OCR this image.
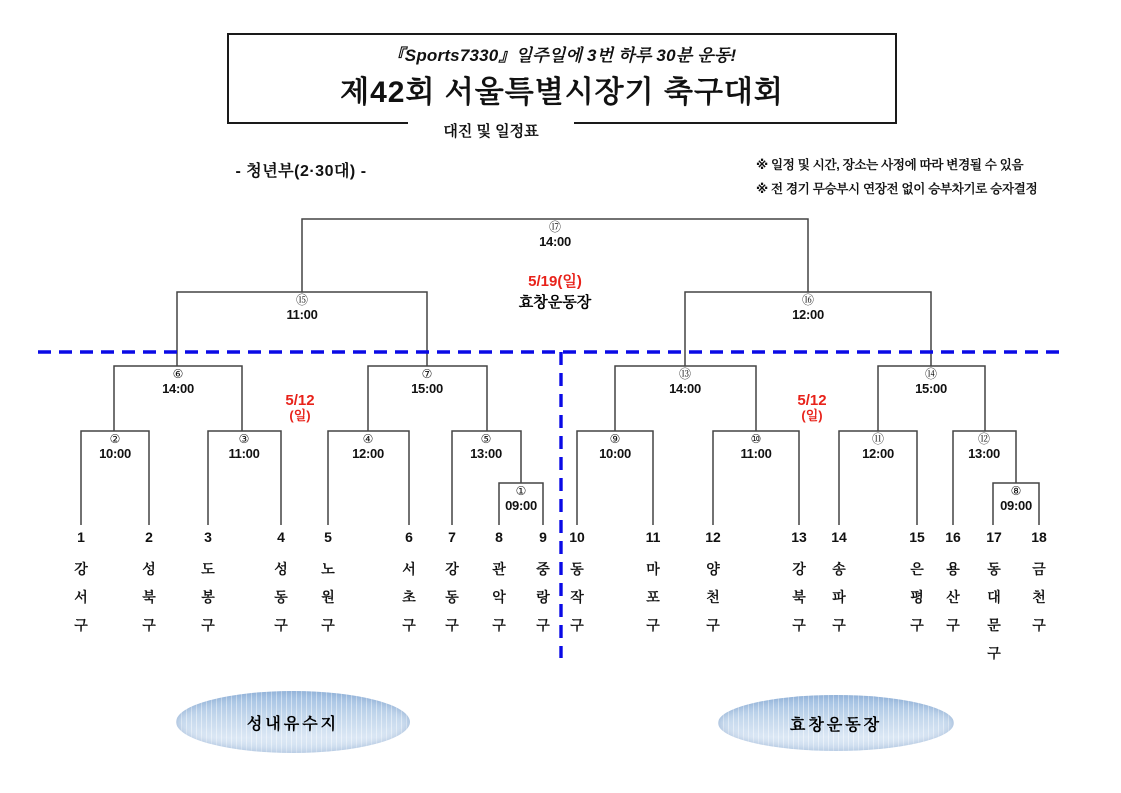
『Sports7330』일주일에 3번 하루 30분 운동!
제42회 서울특별시장기 축구대회
대진 및 일정표
- 청년부(2·30대) -	※ 일정 및 시간, 장소는 사정에 따라 변경될 수 있음
※ 전 경기 무승부시 연장전 없이 승부차기로 승자결정
5/12
(일)
5/12
(일)
5/19(일)
효창운동장
성내유수지	효창운동장
①
09:00
②
10:00
③
11:00
④
12:00
⑤
13:00
⑥
14:00
⑦
15:00
⑧
09:00
⑨
10:00
⑩
11:00
⑪
12:00
⑫
13:00
⑬
14:00
⑭
15:00
⑮
11:00
⑯
12:00
⑰
14:00
1
강
서
구
2
성
북
구
3
도
봉
구
4
성
동
구
5
노
원
구
6
서
초
구
7
강
동
구
8
관
악
구
9
중
랑
구
10
동
작
구
11
마
포
구
12
양
천
구
13
강
북
구
14
송
파
구
15
은
평
구
16
용
산
구
17
동
대
문
구
18
금
천
구
